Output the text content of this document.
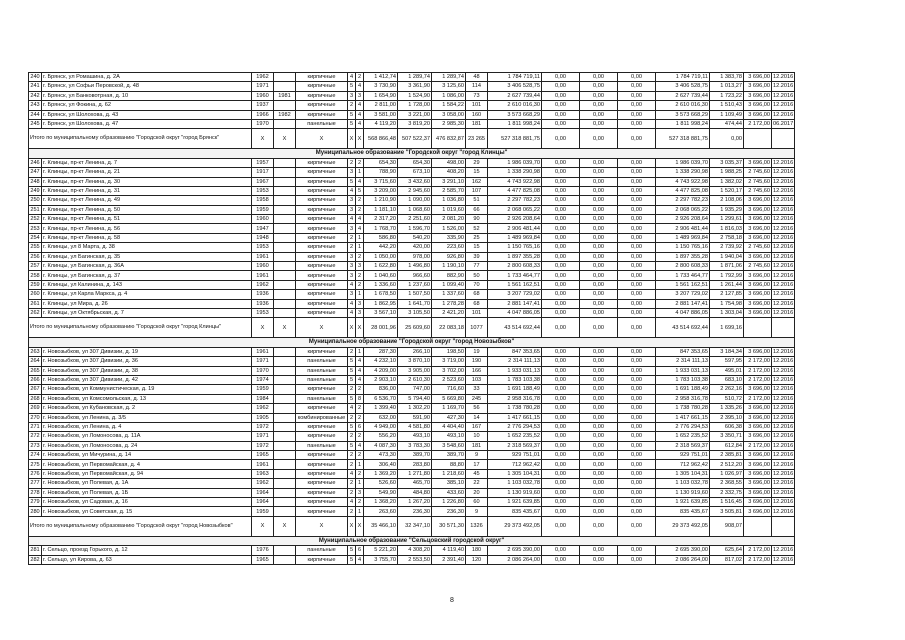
240	г. Брянск, ул Ромашина, д. 2А	1962		кирпичные	4	2	1 412,74	1 289,74	1 289,74	48	1 784 719,11	0,00	0,00	0,00	1 784 719,11	1 383,78	3 696,00	12.2016
241	г. Брянск, ул Софьи Перовской, д. 48	1971		кирпичные	5	4	3 730,90	3 361,90	3 125,60	114	3 406 528,75	0,00	0,00	0,00	3 406 528,75	1 013,27	3 696,00	12.2016
242	г. Брянск, ул Банковотрная, д. 10	1960	1981	кирпичные	3	3	1 654,90	1 524,90	1 086,00	73	2 627 739,44	0,00	0,00	0,00	2 627 739,44	1 723,22	3 696,00	12.2016
243	г. Брянск, ул Фокина, д. 62	1937		кирпичные	2	4	2 811,00	1 728,00	1 584,22	101	2 610 016,30	0,00	0,00	0,00	2 610 016,30	1 510,43	3 696,00	12.2016
244	г. Брянск, ул Шолохова, д. 43	1966	1982	кирпичные	5	4	3 581,00	3 221,00	3 058,00	160	3 573 668,29	0,00	0,00	0,00	3 573 668,29	1 109,49	3 696,00	12.2016
245	г. Брянск, ул Шолохова, д. 47	1970		панельные	5	4	4 119,20	3 819,20	2 985,30	181	1 811 998,24	0,00	0,00	0,00	1 811 998,24	474,44	2 172,00	06.2017
Итого по муниципальному образованию "Городской округ "город Брянск"		X	X	X	X	X	568 866,48	507 522,37	476 832,87	23 265	527 318 881,75	0,00	0,00	0,00	527 318 881,75	0,00		
Муниципальное образование "Городской округ "город Клинцы"																		
246	г. Клинцы, пр-кт Ленина, д. 7	1957		кирпичные	2	2	654,30	654,30	498,00	29	1 986 039,70	0,00	0,00	0,00	1 986 039,70	3 035,37	3 696,00	12.2016
247	г. Клинцы, пр-кт Ленина, д. 21	1917		кирпичные	3	1	788,90	673,10	408,20	15	1 338 290,98	0,00	0,00	0,00	1 338 290,98	1 988,25	2 745,60	12.2016
248	г. Клинцы, пр-кт Ленина, д. 30	1967		кирпичные	5	4	3 715,60	3 432,60	3 291,10	162	4 743 922,98	0,00	0,00	0,00	4 743 922,98	1 382,02	2 745,60	12.2016
249	г. Клинцы, пр-кт Ленина, д. 31	1953		кирпичные	4	5	3 209,00	2 945,60	2 585,70	107	4 477 825,08	0,00	0,00	0,00	4 477 825,08	1 520,17	2 745,60	12.2016
250	г. Клинцы, пр-кт Ленина, д. 49	1958		кирпичные	3	2	1 210,90	1 090,00	1 036,80	51	2 297 782,23	0,00	0,00	0,00	2 297 782,23	2 108,06	3 696,00	12.2016
251	г. Клинцы, пр-кт Ленина, д. 50	1959		кирпичные	3	2	1 181,10	1 068,60	1 019,60	66	2 068 065,22	0,00	0,00	0,00	2 068 065,22	1 935,29	3 696,00	12.2016
252	г. Клинцы, пр-кт Ленина, д. 51	1960		кирпичные	4	4	2 317,20	2 251,60	2 081,20	90	2 926 208,64	0,00	0,00	0,00	2 926 208,64	1 299,61	3 696,00	12.2016
253	г. Клинцы, пр-кт Ленина, д. 56	1947		кирпичные	3	4	1 768,70	1 596,70	1 526,00	52	2 906 481,44	0,00	0,00	0,00	2 906 481,44	1 816,03	3 696,00	12.2016
254	г. Клинцы, пр-кт Ленина, д. 58	1948		кирпичные	2	1	586,80	540,20	335,90	25	1 489 969,84	0,00	0,00	0,00	1 489 969,84	2 758,18	3 696,00	12.2016
255	г. Клинцы, ул 8 Марта, д. 38	1953		кирпичные	2	1	442,20	420,00	223,60	15	1 150 765,16	0,00	0,00	0,00	1 150 765,16	2 739,92	2 745,60	12.2016
256	г. Клинцы, ул Багинская, д. 35	1961		кирпичные	3	2	1 050,00	978,00	926,80	39	1 897 355,28	0,00	0,00	0,00	1 897 355,28	1 940,04	3 696,00	12.2016
257	г. Клинцы, ул Багинская, д. 36А	1960		кирпичные	3	3	1 622,80	1 496,80	1 190,10	77	2 800 608,33	0,00	0,00	0,00	2 800 608,33	1 871,06	2 745,60	12.2016
258	г. Клинцы, ул Багинская, д. 37	1961		кирпичные	3	2	1 040,60	966,60	882,90	50	1 733 464,77	0,00	0,00	0,00	1 733 464,77	1 792,99	3 696,00	12.2016
259	г. Клинцы, ул Калинина, д. 143	1962		кирпичные	4	2	1 336,60	1 237,60	1 099,40	70	1 561 162,51	0,00	0,00	0,00	1 561 162,51	1 261,44	3 696,00	12.2016
260	г. Клинцы, ул Карла Маркса, д. 4	1936		кирпичные	3	1	1 678,50	1 507,50	1 337,60	68	3 207 729,02	0,00	0,00	0,00	3 207 729,02	2 127,85	3 696,00	12.2016
261	г. Клинцы, ул Мира, д. 26	1936		кирпичные	4	3	1 862,95	1 641,70	1 278,28	68	2 881 147,41	0,00	0,00	0,00	2 881 147,41	1 754,98	3 696,00	12.2016
262	г. Клинцы, ул Октябрьская, д. 7	1953		кирпичные	4	3	3 567,10	3 105,50	2 421,20	101	4 047 886,05	0,00	0,00	0,00	4 047 886,05	1 303,04	3 696,00	12.2016
Итого по муниципальному образованию "Городской округ "город Клинцы"		X	X	X	X	X	28 001,96	25 609,60	22 083,18	1077	43 514 692,44	0,00	0,00	0,00	43 514 692,44	1 699,16		
Муниципальное образование "Городской округ "город Новозыбков"																		
263	г. Новозыбков, ул 307 Дивизии, д. 19	1961		кирпичные	2	1	287,30	266,10	198,50	19	847 353,65	0,00	0,00	0,00	847 353,65	3 184,34	3 696,00	12.2016
264	г. Новозыбков, ул 307 Дивизии, д. 36	1971		панельные	5	4	4 232,10	3 870,10	3 719,00	190	2 314 111,13	0,00	0,00	0,00	2 314 111,13	597,95	2 172,00	12.2016
265	г. Новозыбков, ул 307 Дивизии, д. 38	1970		панельные	5	4	4 209,00	3 905,00	3 702,00	166	1 933 031,13	0,00	0,00	0,00	1 933 031,13	495,01	2 172,00	12.2016
266	г. Новозыбков, ул 307 Дивизии, д. 42	1974		панельные	5	4	2 903,10	2 610,30	2 523,60	103	1 783 103,38	0,00	0,00	0,00	1 783 103,38	683,10	2 172,00	12.2016
267	г. Новозыбков, ул Коммунистическая, д. 19	1959		кирпичные	2	2	836,00	747,00	716,60	33	1 691 188,49	0,00	0,00	0,00	1 691 188,49	2 262,16	3 696,00	12.2016
268	г. Новозыбков, ул Комсомольская, д. 13	1984		панельные	5	8	6 536,70	5 794,40	5 669,80	245	2 958 316,78	0,00	0,00	0,00	2 958 316,78	510,72	2 172,00	12.2016
269	г. Новозыбков, ул Кубановская, д. 2	1962		кирпичные	4	2	1 399,40	1 302,20	1 169,70	56	1 738 780,28	0,00	0,00	0,00	1 738 780,28	1 335,26	3 696,00	12.2016
270	г. Новозыбков, ул Ленина, д. 3/5	1905		комбинированные	2	2	632,00	591,90	427,30	14	1 417 661,15	0,00	0,00	0,00	1 417 661,15	2 395,10	3 696,00	12.2016
271	г. Новозыбков, ул Ленина, д. 4	1972		кирпичные	5	6	4 949,00	4 581,80	4 404,40	167	2 776 294,53	0,00	0,00	0,00	2 776 294,53	606,38	3 696,00	12.2016
272	г. Новозыбков, ул Ломоносова, д. 11А	1971		кирпичные	2	2	556,20	493,10	493,10	10	1 652 235,52	0,00	0,00	0,00	1 652 235,52	3 350,71	3 696,00	12.2016
273	г. Новозыбков, ул Ломоносова, д. 24	1972		панельные	5	4	4 087,30	3 783,30	3 548,60	181	2 318 569,37	0,00	0,00	0,00	2 318 569,37	612,84	2 172,00	12.2016
274	г. Новозыбков, ул Мичурина, д. 14	1965		кирпичные	2	2	473,30	389,70	389,70	9	929 751,01	0,00	0,00	0,00	929 751,01	2 385,81	3 696,00	12.2016
275	г. Новозыбков, ул Первомайская, д. 4	1961		кирпичные	2	1	306,40	283,80	88,80	17	712 962,42	0,00	0,00	0,00	712 962,42	2 512,20	3 696,00	12.2016
276	г. Новозыбков, ул Первомайская, д. 94	1963		кирпичные	4	2	1 369,20	1 271,80	1 218,60	45	1 305 104,31	0,00	0,00	0,00	1 305 104,31	1 026,97	3 696,00	12.2016
277	г. Новозыбков, ул Полевая, д. 1А	1962		кирпичные	2	1	526,60	465,70	385,10	22	1 103 032,78	0,00	0,00	0,00	1 103 032,78	2 368,55	3 696,00	12.2016
278	г. Новозыбков, ул Полевая, д. 1Б	1964		кирпичные	2	3	549,90	484,80	433,60	20	1 130 919,60	0,00	0,00	0,00	1 130 919,60	2 332,75	3 696,00	12.2016
279	г. Новозыбков, ул Садовая, д. 16	1964		кирпичные	4	2	1 368,20	1 267,20	1 226,80	60	1 921 639,85	0,00	0,00	0,00	1 921 639,85	1 516,45	3 696,00	12.2016
280	г. Новозыбков, ул Советская, д. 15	1959		кирпичные	2	1	263,60	236,30	236,30	9	835 435,67	0,00	0,00	0,00	835 435,67	3 505,81	3 696,00	12.2016
Итого по муниципальному образованию "Городской округ "город Новозыбков"		X	X	X	X	X	35 466,10	32 347,10	30 571,30	1326	29 373 492,05	0,00	0,00	0,00	29 373 492,05	908,07		
Муниципальное образование "Сельцовский городской округ"																		
281	г. Сельцо, проезд Горького, д. 12	1976		панельные	5	6	5 221,20	4 308,20	4 119,40	180	2 695 390,00	0,00	0,00	0,00	2 695 390,00	625,64	2 172,00	12.2016
282	г. Сельцо, ул Кирова, д. 63	1965		кирпичные	5	4	3 755,70	2 553,50	2 391,40	120	2 086 264,00	0,00	0,00	0,00	2 086 264,00	817,02	2 172,00	12.2016
8
